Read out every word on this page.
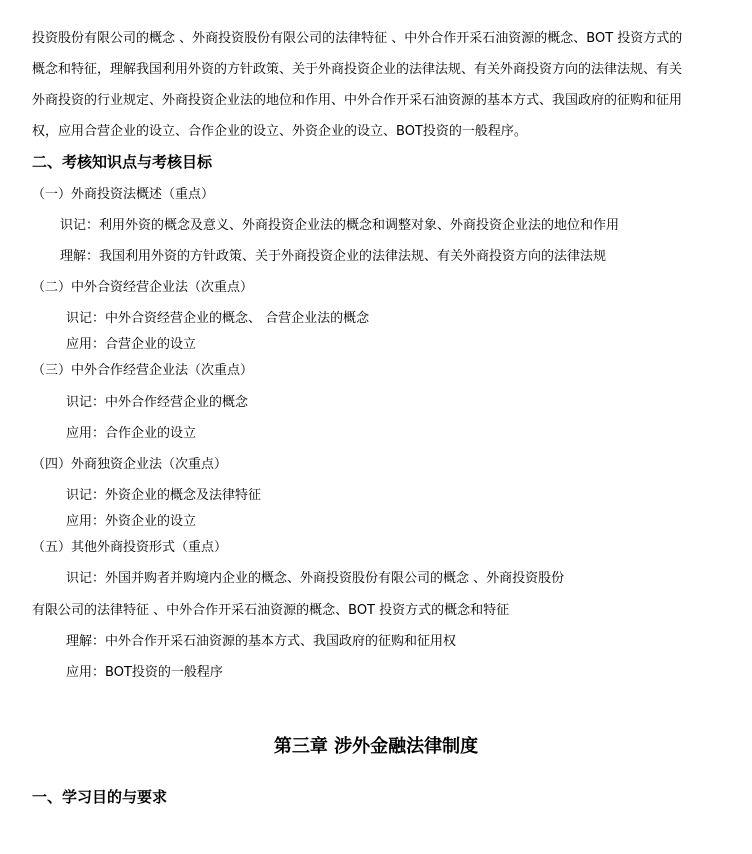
投资股份有限公司的概念 、外商投资股份有限公司的法律特征 、中外合作开采石油资源的概念、BOT 投资方式的
概念和特征，理解我国利用外资的方针政策、关于外商投资企业的法律法规、有关外商投资方向的法律法规、有关
外商投资的行业规定、外商投资企业法的地位和作用、中外合作开采石油资源的基本方式、我国政府的征购和征用
权，应用合营企业的设立、合作企业的设立、外资企业的设立、BOT投资的一般程序。
二、考核知识点与考核目标
（一）外商投资法概述（重点）
识记：利用外资的概念及意义、外商投资企业法的概念和调整对象、外商投资企业法的地位和作用
理解：我国利用外资的方针政策、关于外商投资企业的法律法规、有关外商投资方向的法律法规
（二）中外合资经营企业法（次重点）
识记：中外合资经营企业的概念、 合营企业法的概念
应用：合营企业的设立
（三）中外合作经营企业法（次重点）
识记：中外合作经营企业的概念
应用：合作企业的设立
（四）外商独资企业法（次重点）
识记：外资企业的概念及法律特征
应用：外资企业的设立
（五）其他外商投资形式（重点）
识记：外国并购者并购境内企业的概念、外商投资股份有限公司的概念 、外商投资股份
有限公司的法律特征 、中外合作开采石油资源的概念、BOT 投资方式的概念和特征
理解：中外合作开采石油资源的基本方式、我国政府的征购和征用权
应用：BOT投资的一般程序
第三章 涉外金融法律制度
一、学习目的与要求
